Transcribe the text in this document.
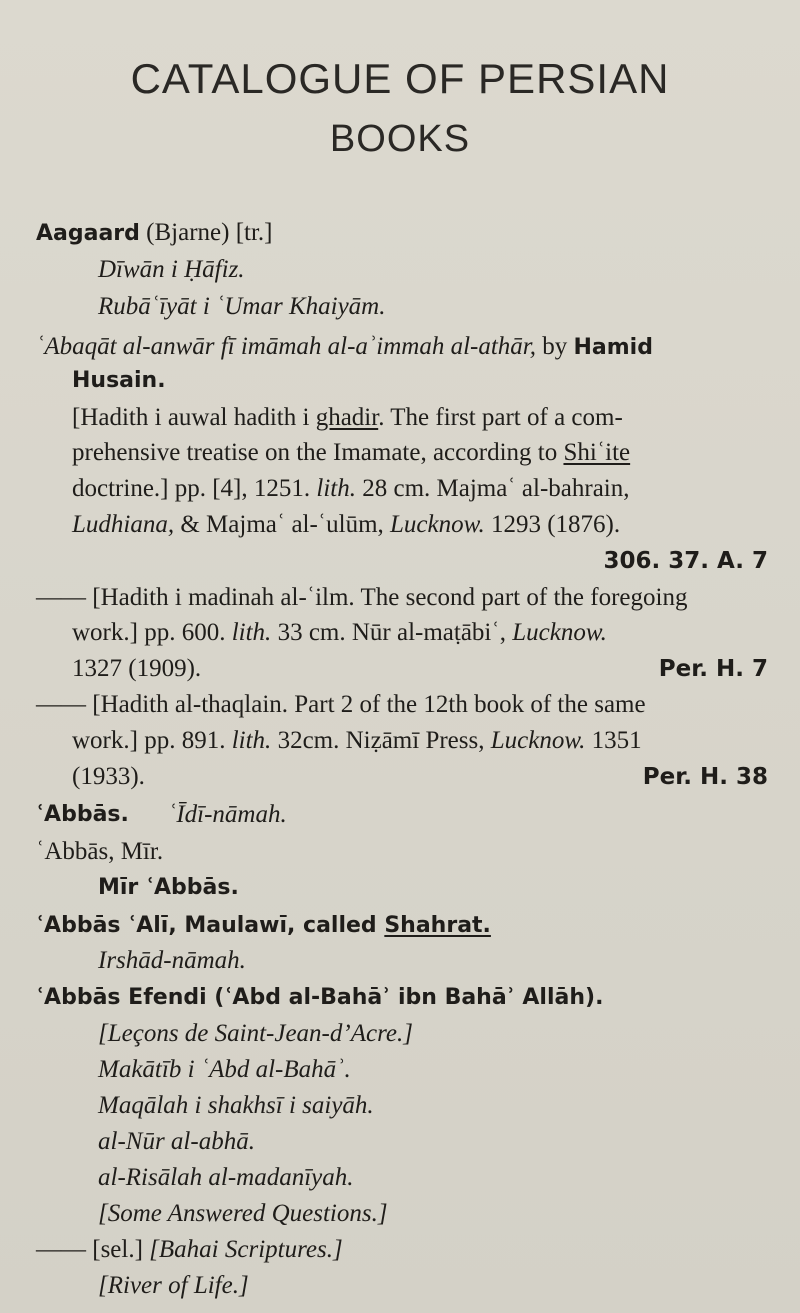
CATALOGUE OF PERSIAN
BOOKS
Aagaard (Bjarne) [tr.]
Dīwān i Ḥāfiz.
Rubāʿīyāt i ʿUmar Khaiyām.
ʿAbaqāt al-anwār fī imāmah al-aʾimmah al-athār, by Hamid
Husain.
[Hadith i auwal hadith i ghadir. The first part of a com-
prehensive treatise on the Imamate, according to Shiʿite
doctrine.] pp. [4], 1251. lith. 28 cm. Majmaʿ al-bahrain,
Ludhiana, & Majmaʿ al-ʿulūm, Lucknow. 1293 (1876).
306. 37. A. 7
—— [Hadith i madinah al-ʿilm. The second part of the foregoing
work.] pp. 600. lith. 33 cm. Nūr al-maṭābiʿ, Lucknow.
1327 (1909).	Per. H. 7
—— [Hadith al-thaqlain. Part 2 of the 12th book of the same
work.] pp. 891. lith. 32cm. Niẓāmī Press, Lucknow. 1351
(1933).	Per. H. 38
ʿAbbās. ʿĪdī-nāmah.
ʿAbbās, Mīr.
Mīr ʿAbbās.
ʿAbbās ʿAlī, Maulawī, called Shahrat.
Irshād-nāmah.
ʿAbbās Efendi (ʿAbd al-Bahāʾ ibn Bahāʾ Allāh).
[Leçons de Saint-Jean-d’Acre.]
Makātīb i ʿAbd al-Bahāʾ.
Maqālah i shakhsī i saiyāh.
al-Nūr al-abhā.
al-Risālah al-madanīyah.
[Some Answered Questions.]
—— [sel.] [Bahai Scriptures.]
[River of Life.]
